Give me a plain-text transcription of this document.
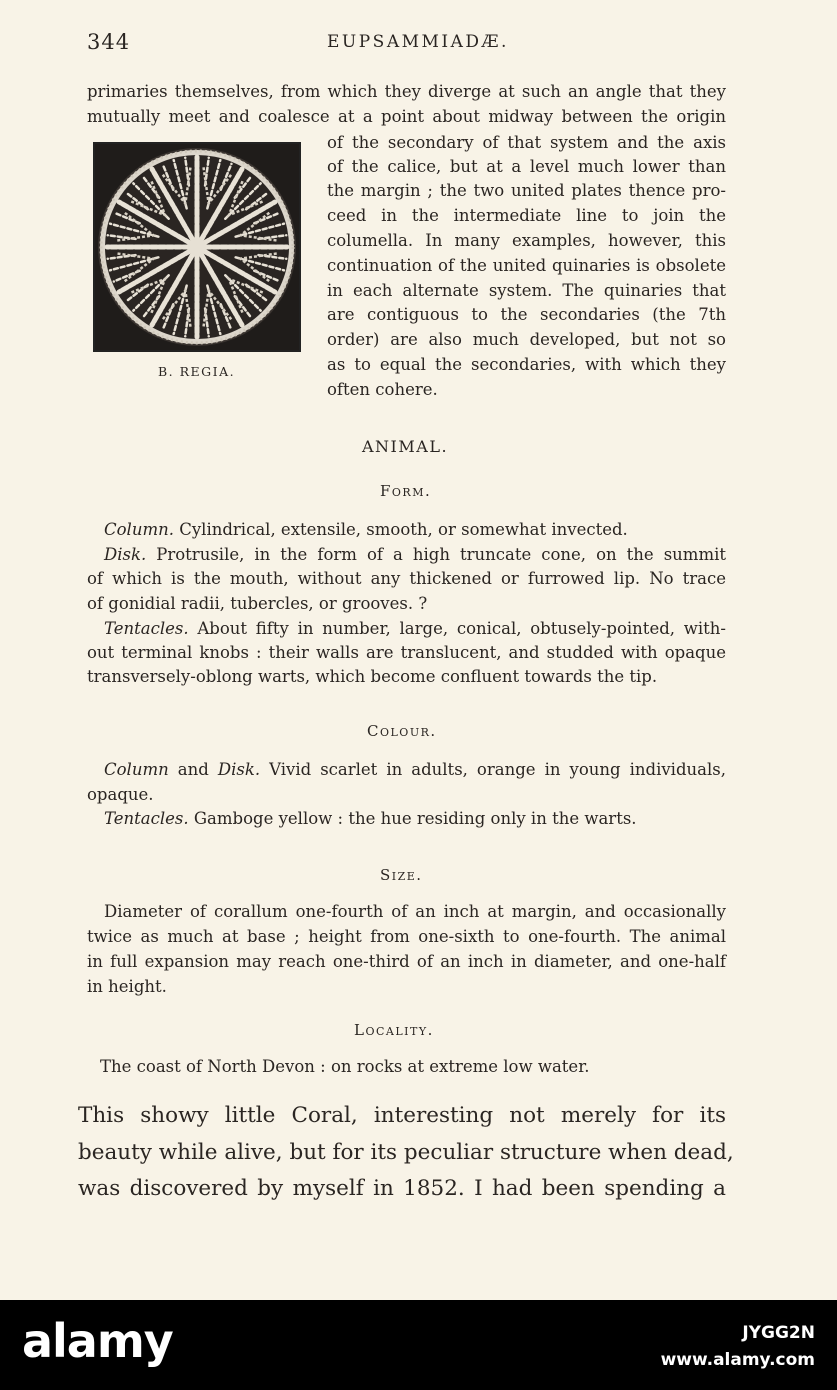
344	EUPSAMMIADÆ.
primaries themselves, from which they diverge at such an angle that they
mutually meet and coalesce at a point about midway between the origin
B. REGIA.
of the secondary of that system and the axis
of the calice, but at a level much lower than
the margin ; the two united plates thence pro-
ceed in the intermediate line to join the
columella. In many examples, however, this
continuation of the united quinaries is obsolete
in each alternate system. The quinaries that
are contiguous to the secondaries (the 7th
order) are also much developed, but not so
as to equal the secondaries, with which they
often cohere.
ANIMAL.
Form.
Column. Cylindrical, extensile, smooth, or somewhat invected.
Disk. Protrusile, in the form of a high truncate cone, on the summit
of which is the mouth, without any thickened or furrowed lip. No trace
of gonidial radii, tubercles, or grooves. ?
Tentacles. About fifty in number, large, conical, obtusely-pointed, with-
out terminal knobs : their walls are translucent, and studded with opaque
transversely-oblong warts, which become confluent towards the tip.
Colour.
Column and Disk. Vivid scarlet in adults, orange in young individuals,
opaque.
Tentacles. Gamboge yellow : the hue residing only in the warts.
Size.
Diameter of corallum one-fourth of an inch at margin, and occasionally
twice as much at base ; height from one-sixth to one-fourth. The animal
in full expansion may reach one-third of an inch in diameter, and one-half
in height.
Locality.
The coast of North Devon : on rocks at extreme low water.
This showy little Coral, interesting not merely for its
beauty while alive, but for its peculiar structure when dead,
was discovered by myself in 1852. I had been spending a
alamy	JYGG2N
www.alamy.com
